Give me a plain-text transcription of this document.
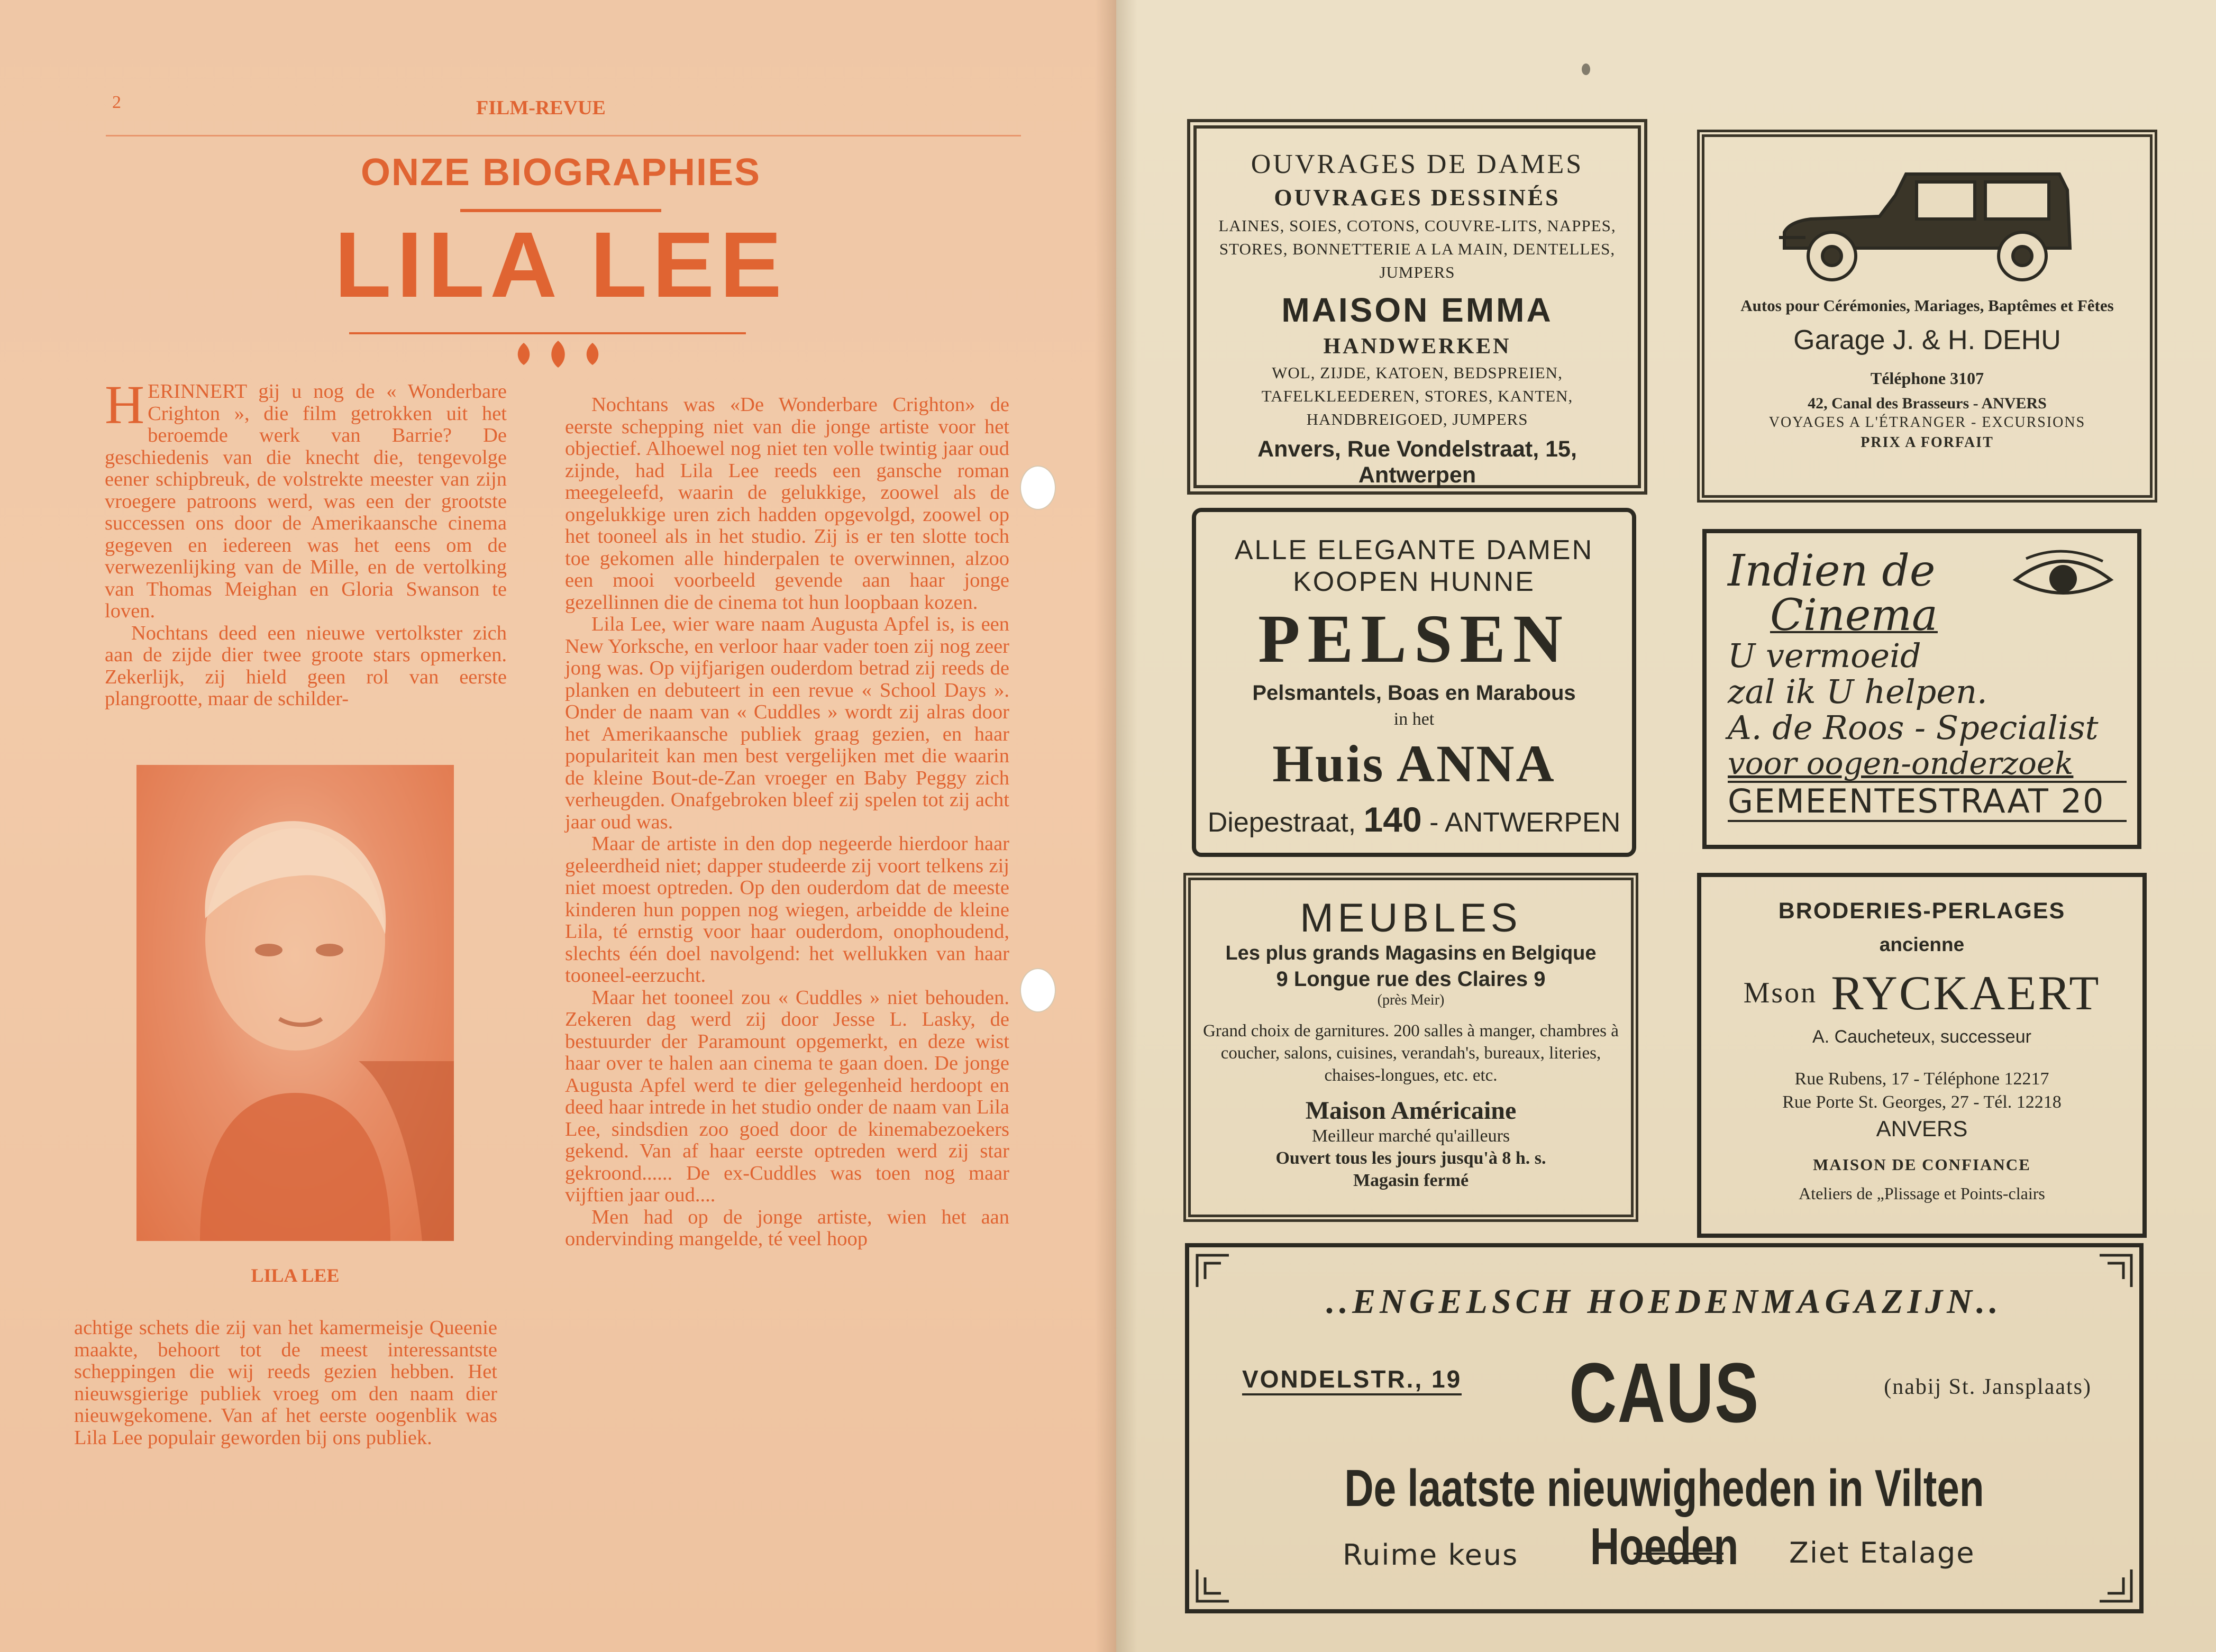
2	FILM-REVUE
ONZE BIOGRAPHIES
LILA LEE
H ERINNERT gij u nog de « Wonderbare Crighton », die film getrokken uit het beroemde werk van Barrie? De geschiedenis van die knecht die, tengevolge eener schipbreuk, de volstrekte meester van zijn vroegere patroons werd, was een der grootste successen ons door de Amerikaansche cinema gegeven en iedereen was het eens om de verwezenlijking van de Mille, en de vertolking van Thomas Meighan en Gloria Swanson te loven.

Nochtans deed een nieuwe vertolkster zich aan de zijde dier twee groote stars opmerken. Zekerlijk, zij hield geen rol van eerste plangrootte, maar de schilder-

LILA LEE

achtige schets die zij van het kamermeisje Queenie maakte, behoort tot de meest interessantste scheppingen die wij reeds gezien hebben. Het nieuwsgierige publiek vroeg om den naam dier nieuwgekomene. Van af het eerste oogenblik was Lila Lee populair geworden bij ons publiek.

Nochtans was «De Wonderbare Crighton» de eerste schepping niet van die jonge artiste voor het objectief. Alhoewel nog niet ten volle twintig jaar oud zijnde, had Lila Lee reeds een gansche roman meegeleefd, waarin de gelukkige, zoowel als de ongelukkige uren zich hadden opgevolgd, zoowel op het tooneel als in het studio. Zij is er ten slotte toch toe gekomen alle hinderpalen te overwinnen, alzoo een mooi voorbeeld gevende aan haar jonge gezellinnen die de cinema tot hun loopbaan kozen.

Lila Lee, wier ware naam Augusta Apfel is, is een New Yorksche, en verloor haar vader toen zij nog zeer jong was. Op vijfjarigen ouderdom betrad zij reeds de planken en debuteert in een revue « School Days ». Onder de naam van « Cuddles » wordt zij alras door het Amerikaansche publiek graag gezien, en haar populariteit kan men best vergelijken met die waarin de kleine Bout-de-Zan vroeger en Baby Peggy zich verheugden. Onafgebroken bleef zij spelen tot zij acht jaar oud was.

Maar de artiste in den dop negeerde hierdoor haar geleerdheid niet; dapper studeerde zij voort telkens zij niet moest optreden. Op den ouderdom dat de meeste kinderen hun poppen nog wiegen, arbeidde de kleine Lila, té ernstig voor haar ouderdom, onophoudend, slechts één doel navolgend: het wellukken van haar tooneel-eerzucht.

Maar het tooneel zou « Cuddles » niet behouden. Zekeren dag werd zij door Jesse L. Lasky, de bestuurder der Paramount opgemerkt, en deze wist haar over te halen aan cinema te gaan doen. De jonge Augusta Apfel werd te dier gelegenheid herdoopt en deed haar intrede in het studio onder de naam van Lila Lee, sindsdien zoo goed door de kinemabezoekers gekend. Van af haar eerste optreden werd zij star gekroond...... De ex-Cuddles was toen nog maar vijftien jaar oud....

Men had op de jonge artiste, wien het aan ondervinding mangelde, té veel hoop

OUVRAGES DE DAMES
OUVRAGES DESSINÉS
LAINES, SOIES, COTONS, COUVRE-LITS, NAPPES, STORES, BONNETTERIE A LA MAIN, DENTELLES, JUMPERS
MAISON EMMA
HANDWERKEN
WOL, ZIJDE, KATOEN, BEDSPREIEN, TAFELKLEEDEREN, STORES, KANTEN, HANDBREIGOED, JUMPERS
Anvers, Rue Vondelstraat, 15, Antwerpen
Autos pour Cérémonies, Mariages, Baptêmes et Fêtes
Garage J. & H. DEHU
Téléphone 3107
42, Canal des Brasseurs - ANVERS
VOYAGES A L'ÉTRANGER - EXCURSIONS
PRIX A FORFAIT
ALLE ELEGANTE DAMEN
KOOPEN HUNNE
PELSEN
Pelsmantels, Boas en Marabous
in het
Huis ANNA
Diepestraat, 140 - ANTWERPEN
Indien de
Cinema
U vermoeid
zal ik U helpen.
A. de Roos - Specialist
voor oogen-onderzoek
GEMEENTESTRAAT 20
MEUBLES
Les plus grands Magasins en Belgique
9 Longue rue des Claires 9
(près Meir)
Grand choix de garnitures. 200 salles à manger, chambres à coucher, salons, cuisines, verandah's, bureaux, literies, chaises-longues, etc. etc.
Maison Américaine
Meilleur marché qu'ailleurs
Ouvert tous les jours jusqu'à 8 h. s.
Magasin fermé
BRODERIES-PERLAGES
ancienne
$^{Mson}$ RYCKAERT
A. Caucheteux, successeur
Rue Rubens, 17 - Téléphone 12217
Rue Porte St. Georges, 27 - Tél. 12218
ANVERS
MAISON DE CONFIANCE
Ateliers de „Plissage et Points-clairs
..ENGELSCH HOEDENMAGAZIJN..
VONDELSTR., 19	CAUS	(nabij St. Jansplaats)
De laatste nieuwigheden in Vilten Hoeden
Ruime keus	Ziet Etalage
